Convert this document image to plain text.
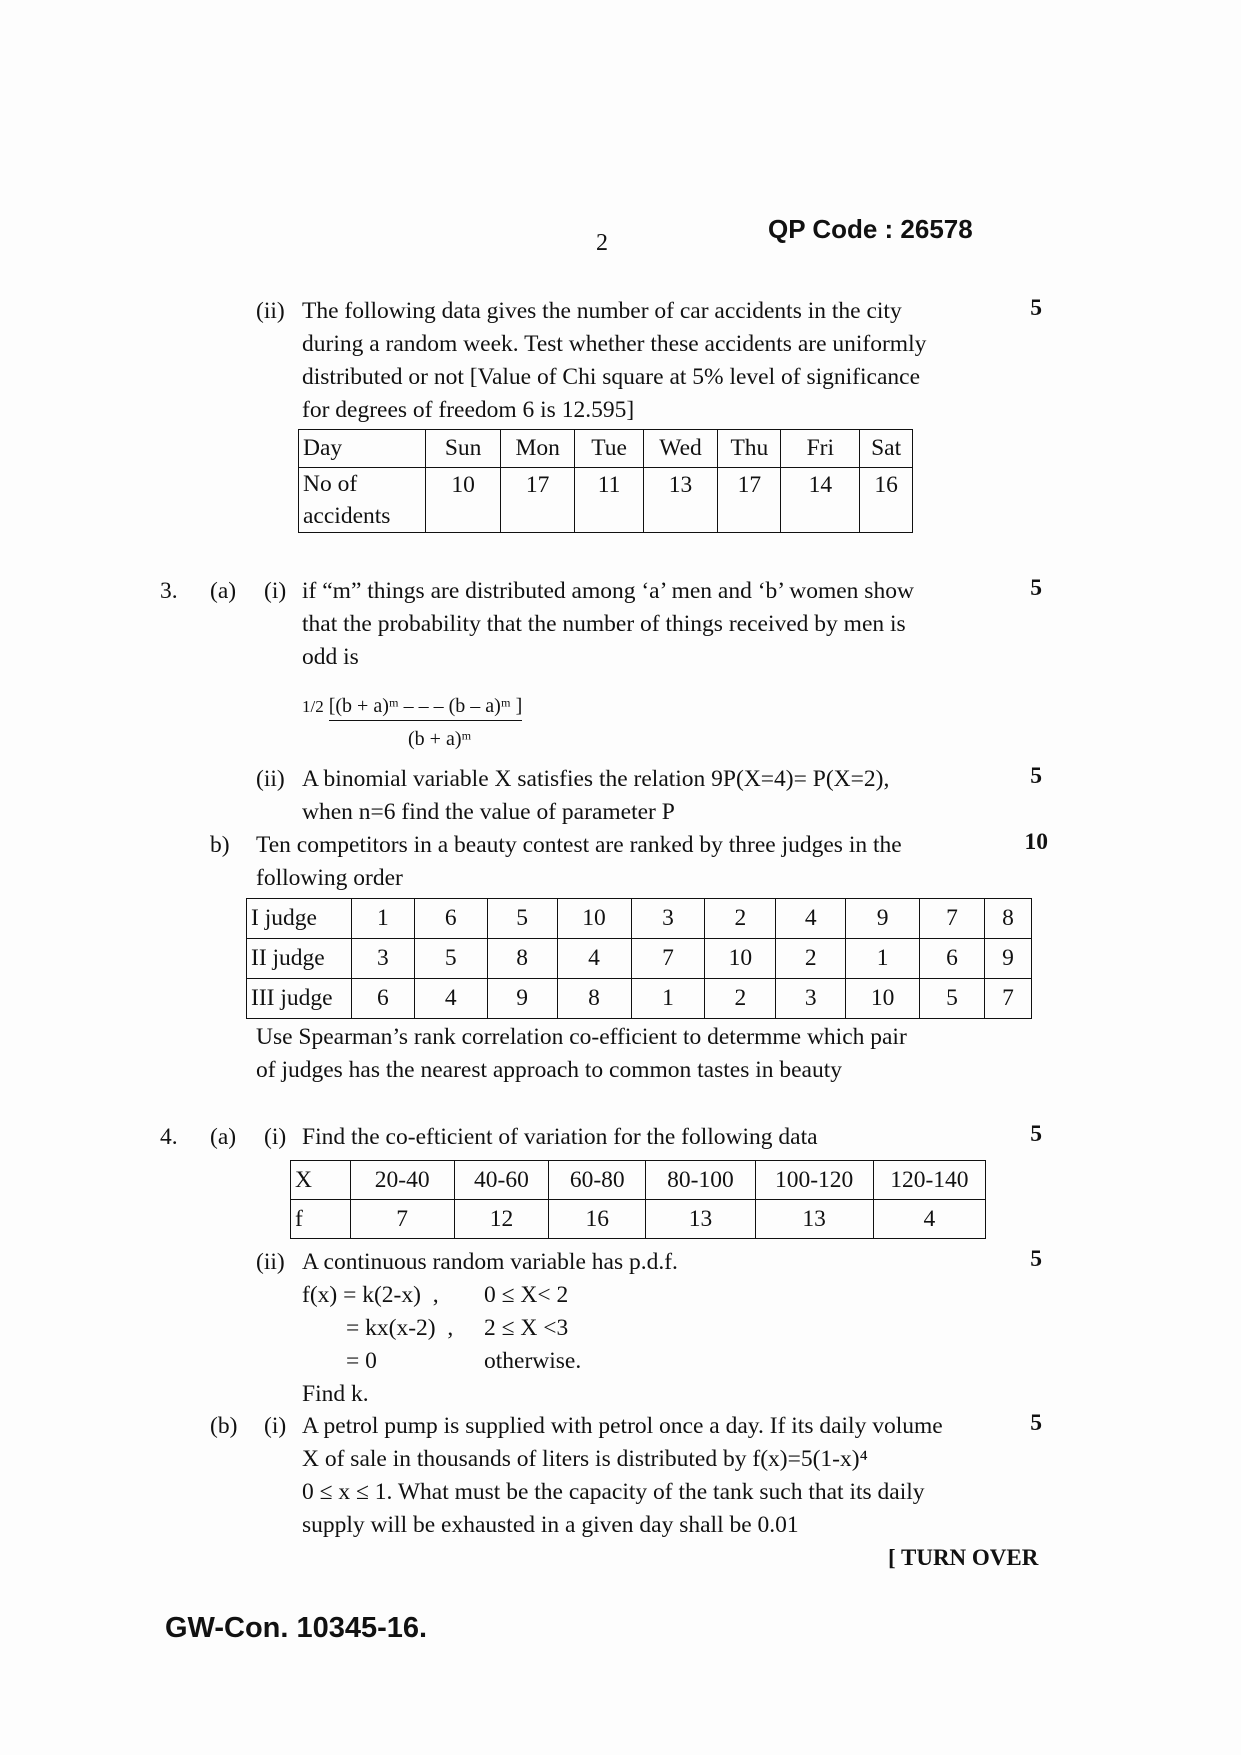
2	QP Code : 26578
(ii) The following data gives the number of car accidents in the city
during a random week. Test whether these accidents are uniformly
distributed or not [Value of Chi square at 5% level of significance
for degrees of freedom 6 is 12.595]
5
Day	Sun	Mon	Tue	Wed	Thu	Fri	Sat

No of
accidents	10	17	11	13	17	14	16
3. (a) (i) if “m” things are distributed among ‘a’ men and ‘b’ women show
that the probability that the number of things received by men is
odd is
5
1/2 [(b + a)ᵐ – – – (b – a)ᵐ ]
(b + a)ᵐ
(ii) A binomial variable X satisfies the relation 9P(X=4)= P(X=2),
when n=6 find the value of parameter P
5
b) Ten competitors in a beauty contest are ranked by three judges in the
following order
10
I judge	1	6	5	10	3	2	4	9	7	8
II judge	3	5	8	4	7	10	2	1	6	9
III judge	6	4	9	8	1	2	3	10	5	7
Use Spearman’s rank correlation co-efficient to determme which pair
of judges has the nearest approach to common tastes in beauty
4. (a) (i) Find the co-efticient of variation for the following data	5
X	20-40	40-60	60-80	80-100	100-120	120-140
f	7	12	16	13	13	4
(ii) A continuous random variable has p.d.f.	5
f(x) = k(2-x)  , 0 ≤ X< 2
= kx(x-2)  , 2 ≤ X <3
= 0	otherwise.
Find k.
(b) (i) A petrol pump is supplied with petrol once a day. If its daily volume
X of sale in thousands of liters is distributed by f(x)=5(1-x)⁴
0 ≤ x ≤ 1. What must be the capacity of the tank such that its daily
supply will be exhausted in a given day shall be 0.01
5
[ TURN OVER
GW-Con. 10345-16.
